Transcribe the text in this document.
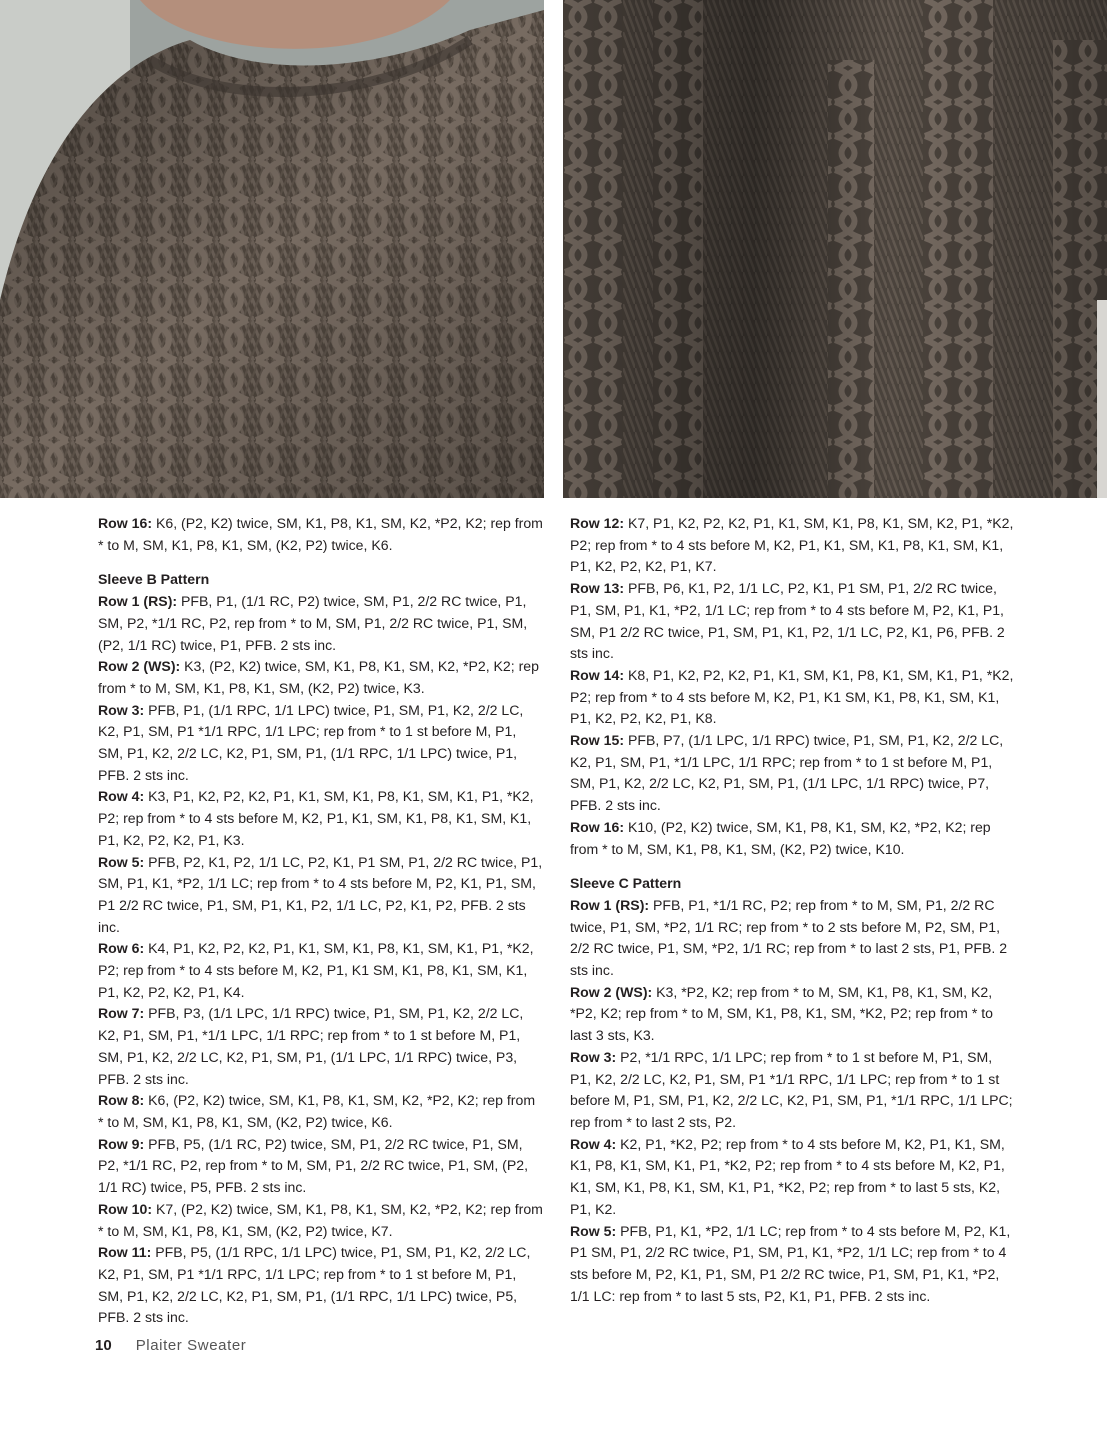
Row 16: K6, (P2, K2) twice, SM, K1, P8, K1, SM, K2, *P2, K2; rep from * to M, SM, K1, P8, K1, SM, (K2, P2) twice, K6.

Sleeve B Pattern

Row 1 (RS): PFB, P1, (1/1 RC, P2) twice, SM, P1, 2/2 RC twice, P1, SM, P2, *1/1 RC, P2, rep from * to M, SM, P1, 2/2 RC twice, P1, SM, (P2, 1/1 RC) twice, P1, PFB. 2 sts inc.

Row 2 (WS): K3, (P2, K2) twice, SM, K1, P8, K1, SM, K2, *P2, K2; rep from * to M, SM, K1, P8, K1, SM, (K2, P2) twice, K3.

Row 3: PFB, P1, (1/1 RPC, 1/1 LPC) twice, P1, SM, P1, K2, 2/2 LC, K2, P1, SM, P1 *1/1 RPC, 1/1 LPC; rep from * to 1 st before M, P1, SM, P1, K2, 2/2 LC, K2, P1, SM, P1, (1/1 RPC, 1/1 LPC) twice, P1, PFB. 2 sts inc.

Row 4: K3, P1, K2, P2, K2, P1, K1, SM, K1, P8, K1, SM, K1, P1, *K2, P2; rep from * to 4 sts before M, K2, P1, K1, SM, K1, P8, K1, SM, K1, P1, K2, P2, K2, P1, K3.

Row 5: PFB, P2, K1, P2, 1/1 LC, P2, K1, P1 SM, P1, 2/2 RC twice, P1, SM, P1, K1, *P2, 1/1 LC; rep from * to 4 sts before M, P2, K1, P1, SM, P1 2/2 RC twice, P1, SM, P1, K1, P2, 1/1 LC, P2, K1, P2, PFB. 2 sts inc.

Row 6: K4, P1, K2, P2, K2, P1, K1, SM, K1, P8, K1, SM, K1, P1, *K2, P2; rep from * to 4 sts before M, K2, P1, K1 SM, K1, P8, K1, SM, K1, P1, K2, P2, K2, P1, K4.

Row 7: PFB, P3, (1/1 LPC, 1/1 RPC) twice, P1, SM, P1, K2, 2/2 LC, K2, P1, SM, P1, *1/1 LPC, 1/1 RPC; rep from * to 1 st before M, P1, SM, P1, K2, 2/2 LC, K2, P1, SM, P1, (1/1 LPC, 1/1 RPC) twice, P3, PFB. 2 sts inc.

Row 8: K6, (P2, K2) twice, SM, K1, P8, K1, SM, K2, *P2, K2; rep from * to M, SM, K1, P8, K1, SM, (K2, P2) twice, K6.

Row 9: PFB, P5, (1/1 RC, P2) twice, SM, P1, 2/2 RC twice, P1, SM, P2, *1/1 RC, P2, rep from * to M, SM, P1, 2/2 RC twice, P1, SM, (P2, 1/1 RC) twice, P5, PFB. 2 sts inc.

Row 10: K7, (P2, K2) twice, SM, K1, P8, K1, SM, K2, *P2, K2; rep from * to M, SM, K1, P8, K1, SM, (K2, P2) twice, K7.

Row 11: PFB, P5, (1/1 RPC, 1/1 LPC) twice, P1, SM, P1, K2, 2/2 LC, K2, P1, SM, P1 *1/1 RPC, 1/1 LPC; rep from * to 1 st before M, P1, SM, P1, K2, 2/2 LC, K2, P1, SM, P1, (1/1 RPC, 1/1 LPC) twice, P5, PFB. 2 sts inc.

Row 12: K7, P1, K2, P2, K2, P1, K1, SM, K1, P8, K1, SM, K2, P1, *K2, P2; rep from * to 4 sts before M, K2, P1, K1, SM, K1, P8, K1, SM, K1, P1, K2, P2, K2, P1, K7.

Row 13: PFB, P6, K1, P2, 1/1 LC, P2, K1, P1 SM, P1, 2/2 RC twice, P1, SM, P1, K1, *P2, 1/1 LC; rep from * to 4 sts before M, P2, K1, P1, SM, P1 2/2 RC twice, P1, SM, P1, K1, P2, 1/1 LC, P2, K1, P6, PFB. 2 sts inc.

Row 14: K8, P1, K2, P2, K2, P1, K1, SM, K1, P8, K1, SM, K1, P1, *K2, P2; rep from * to 4 sts before M, K2, P1, K1 SM, K1, P8, K1, SM, K1, P1, K2, P2, K2, P1, K8.

Row 15: PFB, P7, (1/1 LPC, 1/1 RPC) twice, P1, SM, P1, K2, 2/2 LC, K2, P1, SM, P1, *1/1 LPC, 1/1 RPC; rep from * to 1 st before M, P1, SM, P1, K2, 2/2 LC, K2, P1, SM, P1, (1/1 LPC, 1/1 RPC) twice, P7, PFB. 2 sts inc.

Row 16: K10, (P2, K2) twice, SM, K1, P8, K1, SM, K2, *P2, K2; rep from * to M, SM, K1, P8, K1, SM, (K2, P2) twice, K10.

Sleeve C Pattern

Row 1 (RS): PFB, P1, *1/1 RC, P2; rep from * to M, SM, P1, 2/2 RC twice, P1, SM, *P2, 1/1 RC; rep from * to 2 sts before M, P2, SM, P1, 2/2 RC twice, P1, SM, *P2, 1/1 RC; rep from * to last 2 sts, P1, PFB. 2 sts inc.

Row 2 (WS): K3, *P2, K2; rep from * to M, SM, K1, P8, K1, SM, K2, *P2, K2; rep from * to M, SM, K1, P8, K1, SM, *K2, P2; rep from * to last 3 sts, K3.

Row 3: P2, *1/1 RPC, 1/1 LPC; rep from * to 1 st before M, P1, SM, P1, K2, 2/2 LC, K2, P1, SM, P1 *1/1 RPC, 1/1 LPC; rep from * to 1 st before M, P1, SM, P1, K2, 2/2 LC, K2, P1, SM, P1, *1/1 RPC, 1/1 LPC; rep from * to last 2 sts, P2.

Row 4: K2, P1, *K2, P2; rep from * to 4 sts before M, K2, P1, K1, SM, K1, P8, K1, SM, K1, P1, *K2, P2; rep from * to 4 sts before M, K2, P1, K1, SM, K1, P8, K1, SM, K1, P1, *K2, P2; rep from * to last 5 sts, K2, P1, K2.

Row 5: PFB, P1, K1, *P2, 1/1 LC; rep from * to 4 sts before M, P2, K1, P1 SM, P1, 2/2 RC twice, P1, SM, P1, K1, *P2, 1/1 LC; rep from * to 4 sts before M, P2, K1, P1, SM, P1 2/2 RC twice, P1, SM, P1, K1, *P2, 1/1 LC: rep from * to last 5 sts, P2, K1, P1, PFB. 2 sts inc.

10 Plaiter Sweater
